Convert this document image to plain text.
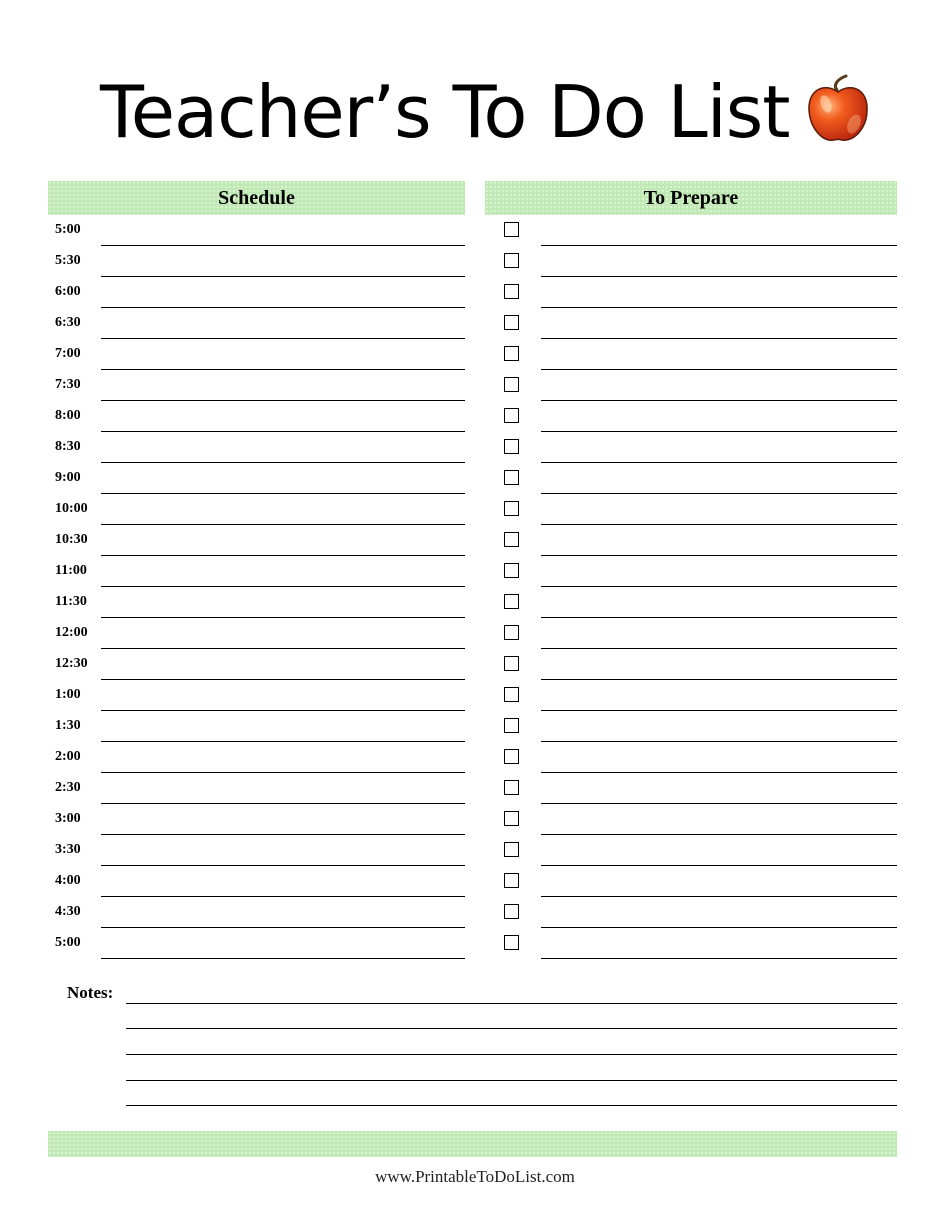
Teacher’s To Do List
Schedule	To Prepare
5:00
5:30
6:00
6:30
7:00
7:30
8:00
8:30
9:00
10:00
10:30
11:00
11:30
12:00
12:30
1:00
1:30
2:00
2:30
3:00
3:30
4:00
4:30
5:00
Notes:
www.PrintableToDoList.com
